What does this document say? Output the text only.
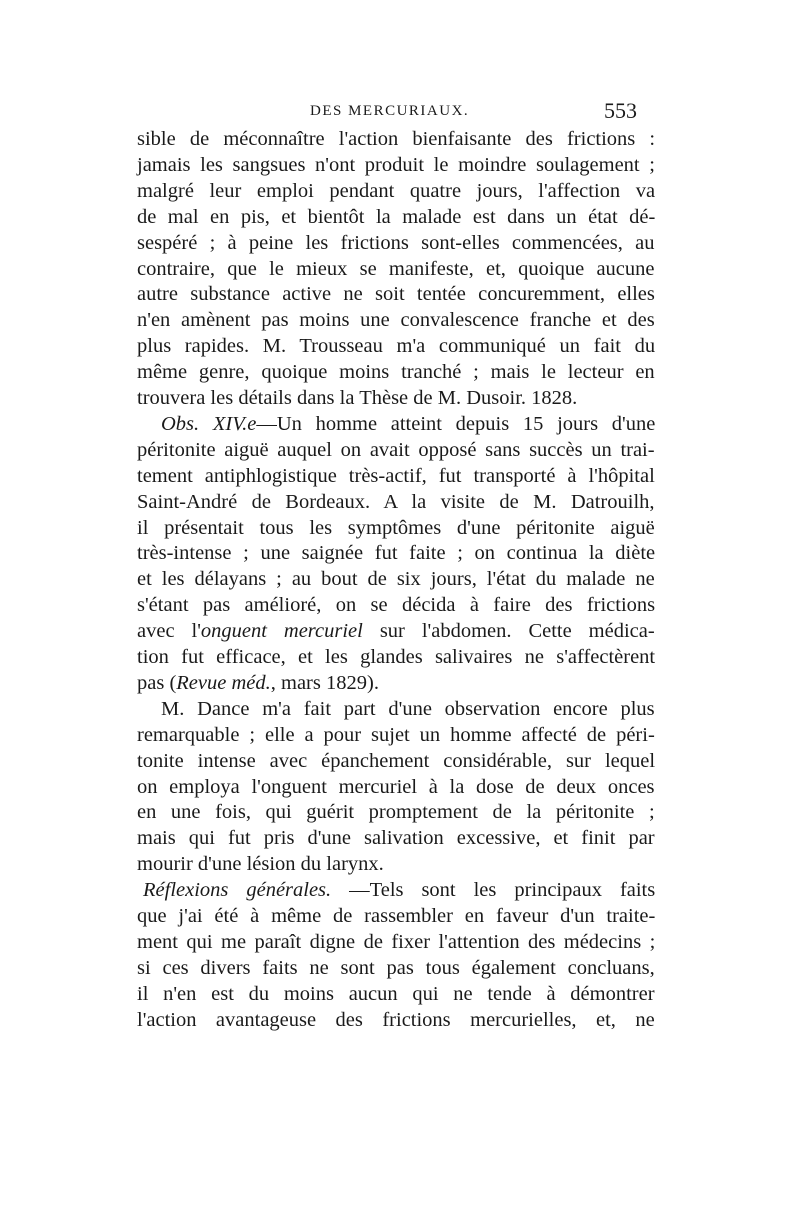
DES MERCURIAUX.	553
sible de méconnaître l'action bienfaisante des frictions :
jamais les sangsues n'ont produit le moindre soulagement ;
malgré leur emploi pendant quatre jours, l'affection va
de mal en pis, et bientôt la malade est dans un état dé-
sespéré ; à peine les frictions sont-elles commencées, au
contraire, que le mieux se manifeste, et, quoique aucune
autre substance active ne soit tentée concuremment, elles
n'en amènent pas moins une convalescence franche et des
plus rapides. M. Trousseau m'a communiqué un fait du
même genre, quoique moins tranché ; mais le lecteur en
trouvera les détails dans la Thèse de M. Dusoir. 1828.
Obs. XIV.e—Un homme atteint depuis 15 jours d'une
péritonite aiguë auquel on avait opposé sans succès un trai-
tement antiphlogistique très-actif, fut transporté à l'hôpital
Saint-André de Bordeaux. A la visite de M. Datrouilh,
il présentait tous les symptômes d'une péritonite aiguë
très-intense ; une saignée fut faite ; on continua la diète
et les délayans ; au bout de six jours, l'état du malade ne
s'étant pas amélioré, on se décida à faire des frictions
avec l'onguent mercuriel sur l'abdomen. Cette médica-
tion fut efficace, et les glandes salivaires ne s'affectèrent
pas (Revue méd., mars 1829).
M. Dance m'a fait part d'une observation encore plus
remarquable ; elle a pour sujet un homme affecté de péri-
tonite intense avec épanchement considérable, sur lequel
on employa l'onguent mercuriel à la dose de deux onces
en une fois, qui guérit promptement de la péritonite ;
mais qui fut pris d'une salivation excessive, et finit par
mourir d'une lésion du larynx.
Réflexions générales. —Tels sont les principaux faits
que j'ai été à même de rassembler en faveur d'un traite-
ment qui me paraît digne de fixer l'attention des médecins ;
si ces divers faits ne sont pas tous également concluans,
il n'en est du moins aucun qui ne tende à démontrer
l'action avantageuse des frictions mercurielles, et, ne
